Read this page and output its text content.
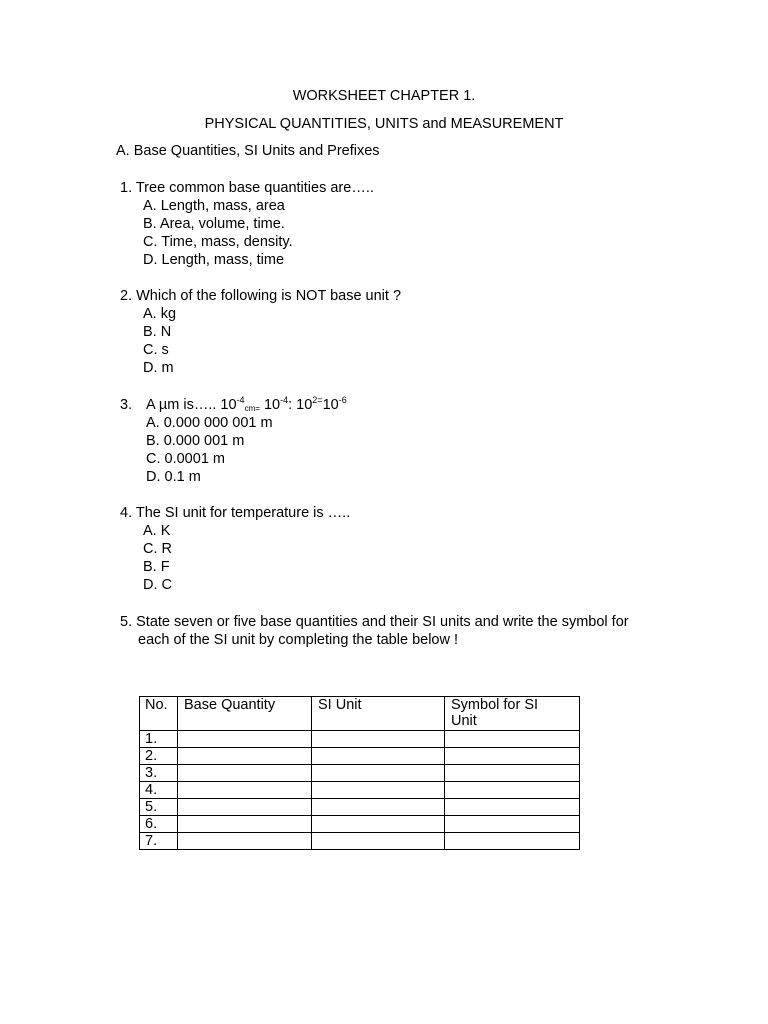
WORKSHEET CHAPTER 1.
PHYSICAL QUANTITIES, UNITS and MEASUREMENT
A. Base Quantities, SI Units and Prefixes
1. Tree common base quantities are…..
A. Length, mass, area
B. Area, volume, time.
C. Time, mass, density.
D. Length, mass, time
2. Which of the following is NOT base unit ?
A. kg
B. N
C. s
D. m
3. A µm is….. $10^{-4}_{cm=}$ $10^{-4}$: $10^{2=}10^{-6}$
A. 0.000 000 001 m
B. 0.000 001 m
C. 0.0001 m
D. 0.1 m
4. The SI unit for temperature is …..
A. K
C. R
B. F
D. C
5. State seven or five base quantities and their SI units and write the symbol for
each of the SI unit by completing the table below !
No.	Base Quantity	SI Unit	Symbol for SI Unit
1.			
2.			
3.			
4.			
5.			
6.			
7.			
